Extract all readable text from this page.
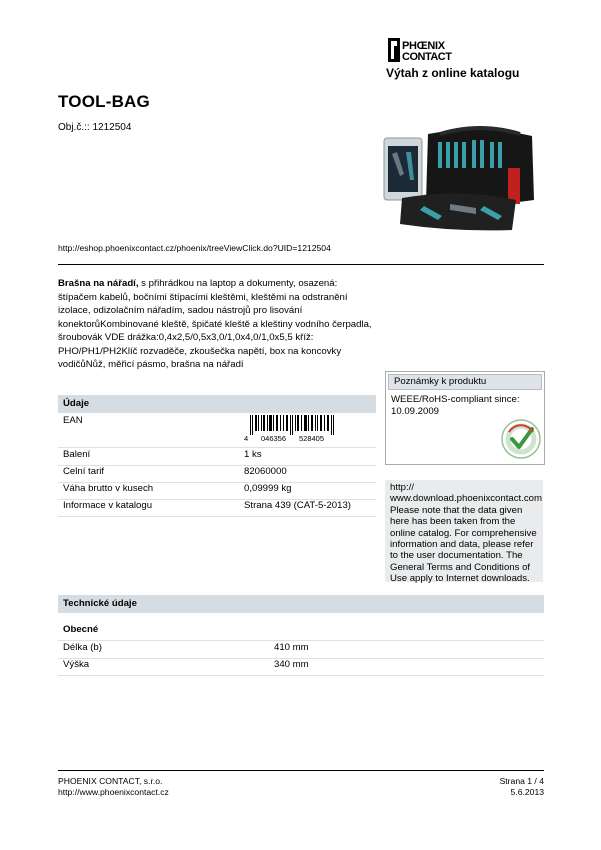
PHŒNIX
CONTACT
Výtah z online katalogu
TOOL-BAG
Obj.č.:: 1212504
http://eshop.phoenixcontact.cz/phoenix/treeViewClick.do?UID=1212504
Brašna na nářadí, s přihrádkou na laptop a dokumenty, osazená: štípačem kabelů, bočními štípacími kleštěmi, kleštěmi na odstranění izolace, odizolačním nářadím, sadou nástrojů pro lisování konektorůKombinované kleště, špičaté kleště a kleštiny vodního čerpadla, šroubovák VDE drážka:0,4x2,5/0,5x3,0/1,0x4,0/1,0x5,5 kříž: PHO/PH1/PH2Klíč rozvaděče, zkoušečka napětí, box na koncovky vodičůNůž, měřicí pásmo, brašna na nářadí
Poznámky k produktu
WEEE/RoHS-compliant since: 10.09.2009
http://
www.download.phoenixcontact.com
Please note that the data given here has been taken from the online catalog. For comprehensive information and data, please refer to the user documentation. The General Terms and Conditions of Use apply to Internet downloads.
Údaje
EAN
4 046356 528405
Balení	1 ks
Celní tarif	82060000
Váha brutto v kusech	0,09999 kg
Informace v katalogu	Strana 439 (CAT-5-2013)
Technické údaje
Obecné
Délka (b)	410 mm
Výška	340 mm
PHOENIX CONTACT, s.r.o.
http://www.phoenixcontact.cz
Strana 1 / 4
5.6.2013
